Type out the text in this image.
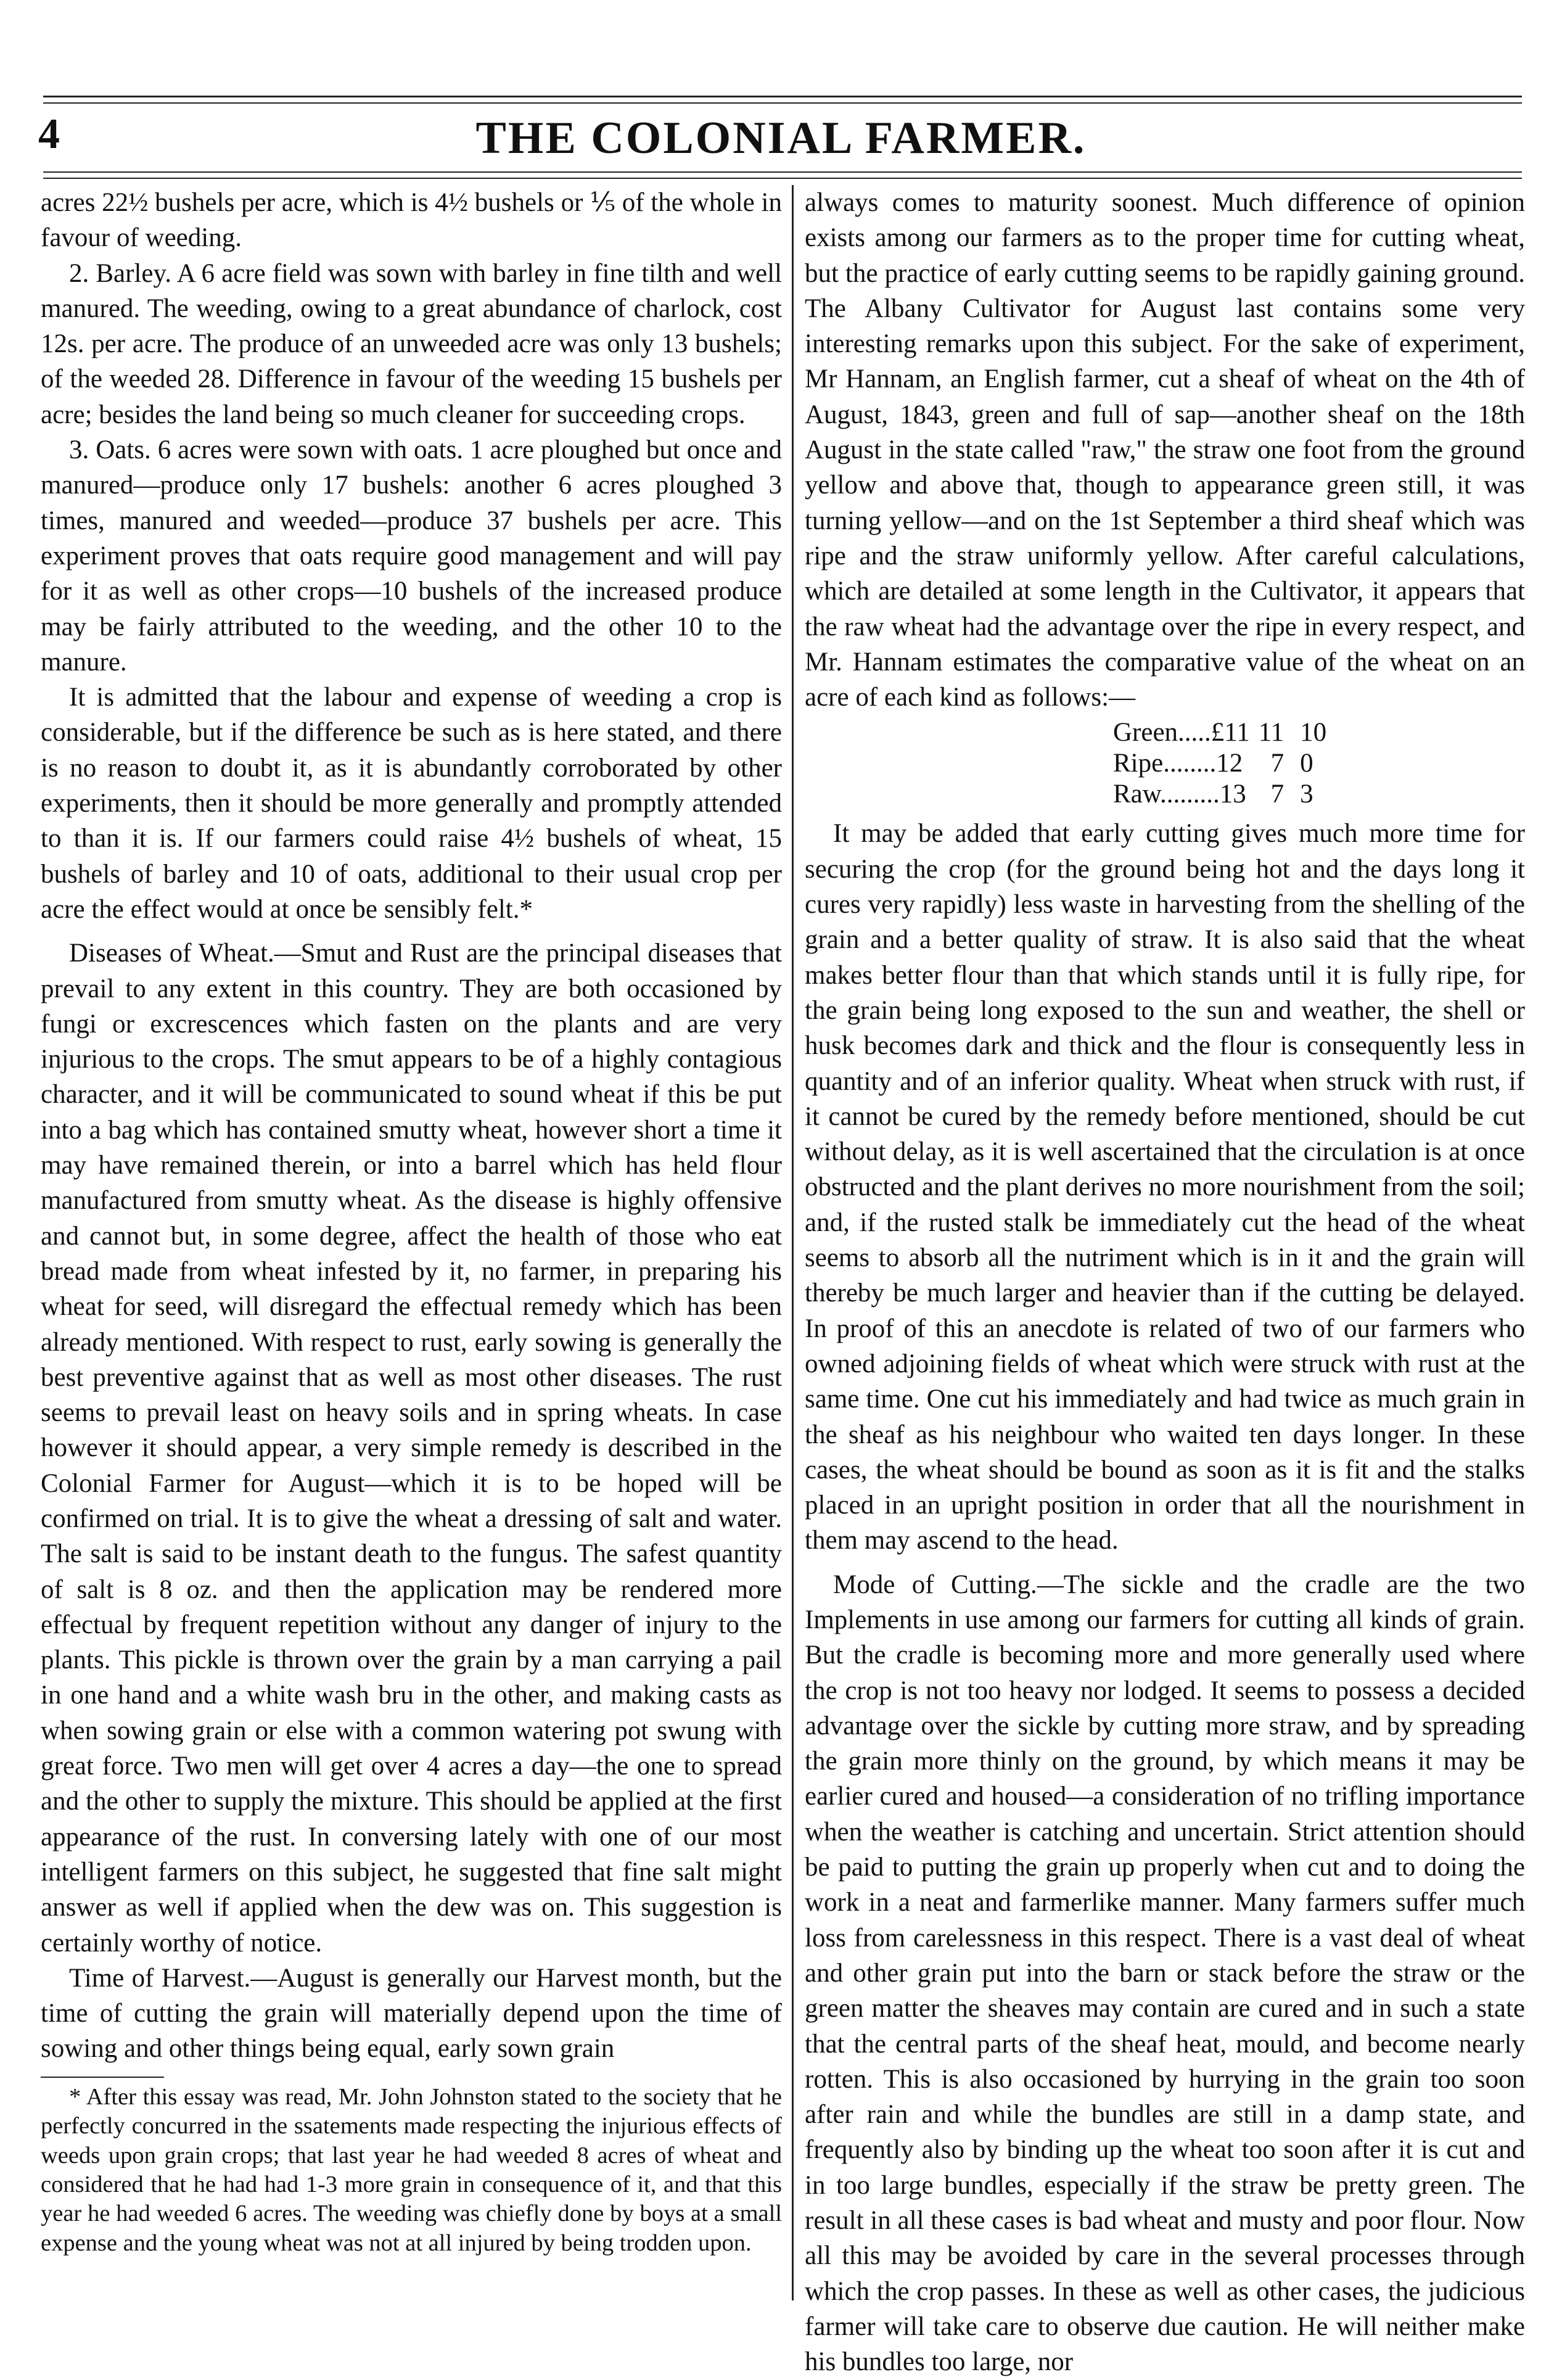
4	THE COLONIAL FARMER.

acres 22½ bushels per acre, which is 4½ bushels or ⅕ of the whole in favour of weeding.

2. Barley. A 6 acre field was sown with barley in fine tilth and well manured. The weeding, owing to a great abundance of charlock, cost 12s. per acre. The produce of an unweeded acre was only 13 bushels; of the weeded 28. Difference in favour of the weeding 15 bushels per acre; besides the land being so much cleaner for succeeding crops.

3. Oats. 6 acres were sown with oats. 1 acre ploughed but once and manured—produce only 17 bushels: another 6 acres ploughed 3 times, manured and weeded—produce 37 bushels per acre. This experiment proves that oats require good management and will pay for it as well as other crops—10 bushels of the increased produce may be fairly attributed to the weeding, and the other 10 to the manure.

It is admitted that the labour and expense of weeding a crop is considerable, but if the difference be such as is here stated, and there is no reason to doubt it, as it is abundantly corroborated by other experiments, then it should be more generally and promptly attended to than it is. If our farmers could raise 4½ bushels of wheat, 15 bushels of barley and 10 of oats, additional to their usual crop per acre the effect would at once be sensibly felt.*

Diseases of Wheat.—Smut and Rust are the principal diseases that prevail to any extent in this country. They are both occasioned by fungi or excrescences which fasten on the plants and are very injurious to the crops. The smut appears to be of a highly contagious character, and it will be communicated to sound wheat if this be put into a bag which has contained smutty wheat, however short a time it may have remained therein, or into a barrel which has held flour manufactured from smutty wheat. As the disease is highly offensive and cannot but, in some degree, affect the health of those who eat bread made from wheat infested by it, no farmer, in preparing his wheat for seed, will disregard the effectual remedy which has been already mentioned. With respect to rust, early sowing is generally the best preventive against that as well as most other diseases. The rust seems to prevail least on heavy soils and in spring wheats. In case however it should appear, a very simple remedy is described in the Colonial Farmer for August—which it is to be hoped will be confirmed on trial. It is to give the wheat a dressing of salt and water. The salt is said to be instant death to the fungus. The safest quantity of salt is 8 oz. and then the application may be rendered more effectual by frequent repetition without any danger of injury to the plants. This pickle is thrown over the grain by a man carrying a pail in one hand and a white wash bru in the other, and making casts as when sowing grain or else with a common watering pot swung with great force. Two men will get over 4 acres a day—the one to spread and the other to supply the mixture. This should be applied at the first appearance of the rust. In conversing lately with one of our most intelligent farmers on this subject, he suggested that fine salt might answer as well if applied when the dew was on. This suggestion is certainly worthy of notice.

Time of Harvest.—August is generally our Harvest month, but the time of cutting the grain will materially depend upon the time of sowing and other things being equal, early sown grain

* After this essay was read, Mr. John Johnston stated to the society that he perfectly concurred in the ssatements made respecting the injurious effects of weeds upon grain crops; that last year he had weeded 8 acres of wheat and considered that he had had 1-3 more grain in consequence of it, and that this year he had weeded 6 acres. The weeding was chiefly done by boys at a small expense and the young wheat was not at all injured by being trodden upon.

always comes to maturity soonest. Much difference of opinion exists among our farmers as to the proper time for cutting wheat, but the practice of early cutting seems to be rapidly gaining ground. The Albany Cultivator for August last contains some very interesting remarks upon this subject. For the sake of experiment, Mr Hannam, an English farmer, cut a sheaf of wheat on the 4th of August, 1843, green and full of sap—another sheaf on the 18th August in the state called "raw," the straw one foot from the ground yellow and above that, though to appearance green still, it was turning yellow—and on the 1st September a third sheaf which was ripe and the straw uniformly yellow. After careful calculations, which are detailed at some length in the Cultivator, it appears that the raw wheat had the advantage over the ripe in every respect, and Mr. Hannam estimates the comparative value of the wheat on an acre of each kind as follows:—

Green.....£11	11	10
Ripe........12	7	0
Raw.........13	7	3

It may be added that early cutting gives much more time for securing the crop (for the ground being hot and the days long it cures very rapidly) less waste in harvesting from the shelling of the grain and a better quality of straw. It is also said that the wheat makes better flour than that which stands until it is fully ripe, for the grain being long exposed to the sun and weather, the shell or husk becomes dark and thick and the flour is consequently less in quantity and of an inferior quality. Wheat when struck with rust, if it cannot be cured by the remedy before mentioned, should be cut without delay, as it is well ascertained that the circulation is at once obstructed and the plant derives no more nourishment from the soil; and, if the rusted stalk be immediately cut the head of the wheat seems to absorb all the nutriment which is in it and the grain will thereby be much larger and heavier than if the cutting be delayed. In proof of this an anecdote is related of two of our farmers who owned adjoining fields of wheat which were struck with rust at the same time. One cut his immediately and had twice as much grain in the sheaf as his neighbour who waited ten days longer. In these cases, the wheat should be bound as soon as it is fit and the stalks placed in an upright position in order that all the nourishment in them may ascend to the head.

Mode of Cutting.—The sickle and the cradle are the two Implements in use among our farmers for cutting all kinds of grain. But the cradle is becoming more and more generally used where the crop is not too heavy nor lodged. It seems to possess a decided advantage over the sickle by cutting more straw, and by spreading the grain more thinly on the ground, by which means it may be earlier cured and housed—a consideration of no trifling importance when the weather is catching and uncertain. Strict attention should be paid to putting the grain up properly when cut and to doing the work in a neat and farmerlike manner. Many farmers suffer much loss from carelessness in this respect. There is a vast deal of wheat and other grain put into the barn or stack before the straw or the green matter the sheaves may contain are cured and in such a state that the central parts of the sheaf heat, mould, and become nearly rotten. This is also occasioned by hurrying in the grain too soon after rain and while the bundles are still in a damp state, and frequently also by binding up the wheat too soon after it is cut and in too large bundles, especially if the straw be pretty green. The result in all these cases is bad wheat and musty and poor flour. Now all this may be avoided by care in the several processes through which the crop passes. In these as well as other cases, the judicious farmer will take care to observe due caution. He will neither make his bundles too large, nor
